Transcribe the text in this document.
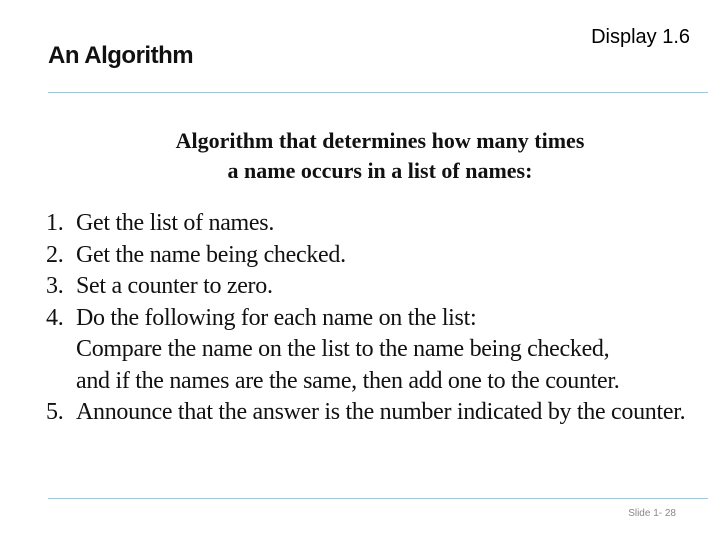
Display 1.6
An Algorithm
Algorithm that determines how many times
a name occurs in a list of names:
1. Get the list of names.
2. Get the name being checked.
3. Set a counter to zero.
4. Do the following for each name on the list:
Compare the name on the list to the name being checked,
and if the names are the same, then add one to the counter.
5. Announce that the answer is the number indicated by the counter.
Slide 1- 28
